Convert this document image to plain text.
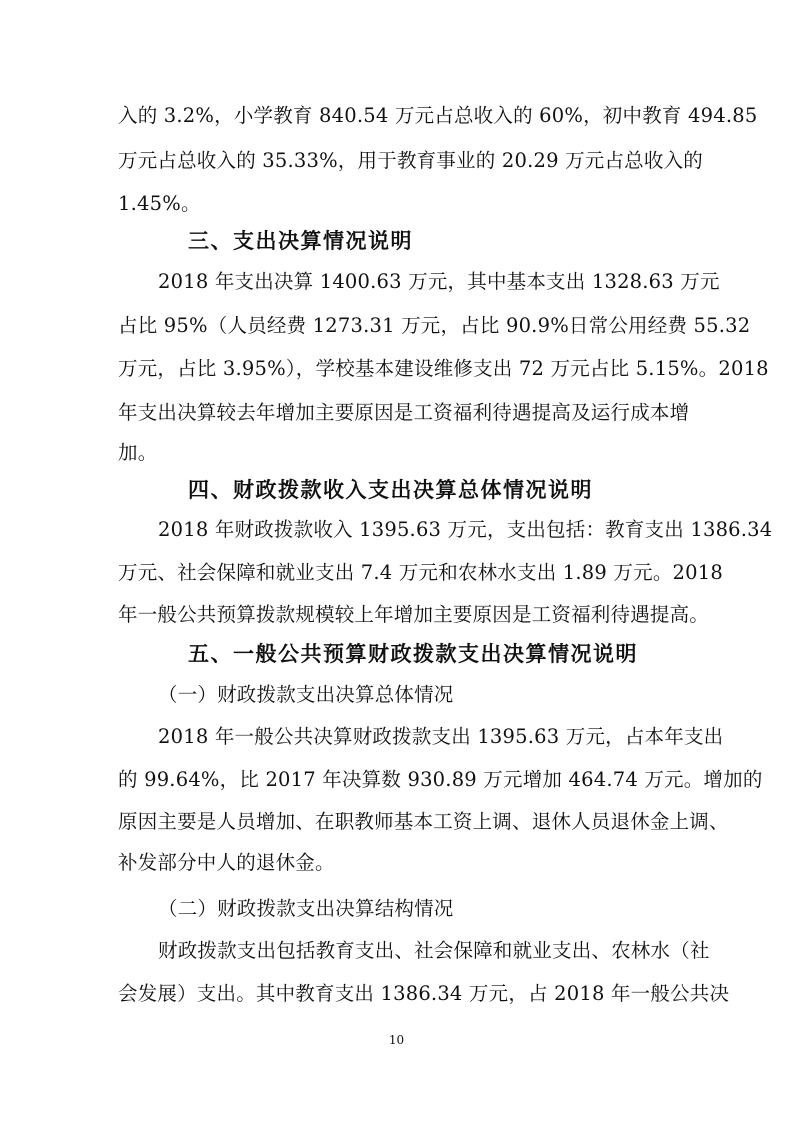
入的 3.2%，小学教育 840.54 万元占总收入的 60%，初中教育 494.85
万元占总收入的 35.33%，用于教育事业的 20.29 万元占总收入的
1.45%。
三、支出决算情况说明
2018 年支出决算 1400.63 万元，其中基本支出 1328.63 万元
占比 95%（人员经费 1273.31 万元，占比 90.9%日常公用经费 55.32
万元，占比 3.95%），学校基本建设维修支出 72 万元占比 5.15%。2018
年支出决算较去年增加主要原因是工资福利待遇提高及运行成本增
加。
四、财政拨款收入支出决算总体情况说明
2018 年财政拨款收入 1395.63 万元，支出包括：教育支出 1386.34
万元、社会保障和就业支出 7.4 万元和农林水支出 1.89 万元。2018
年一般公共预算拨款规模较上年增加主要原因是工资福利待遇提高。
五、一般公共预算财政拨款支出决算情况说明
（一）财政拨款支出决算总体情况
2018 年一般公共决算财政拨款支出 1395.63 万元，占本年支出
的 99.64%，比 2017 年决算数 930.89 万元增加 464.74 万元。增加的
原因主要是人员增加、在职教师基本工资上调、退休人员退休金上调、
补发部分中人的退休金。
（二）财政拨款支出决算结构情况
财政拨款支出包括教育支出、社会保障和就业支出、农林水（社
会发展）支出。其中教育支出 1386.34 万元，占 2018 年一般公共决
10
